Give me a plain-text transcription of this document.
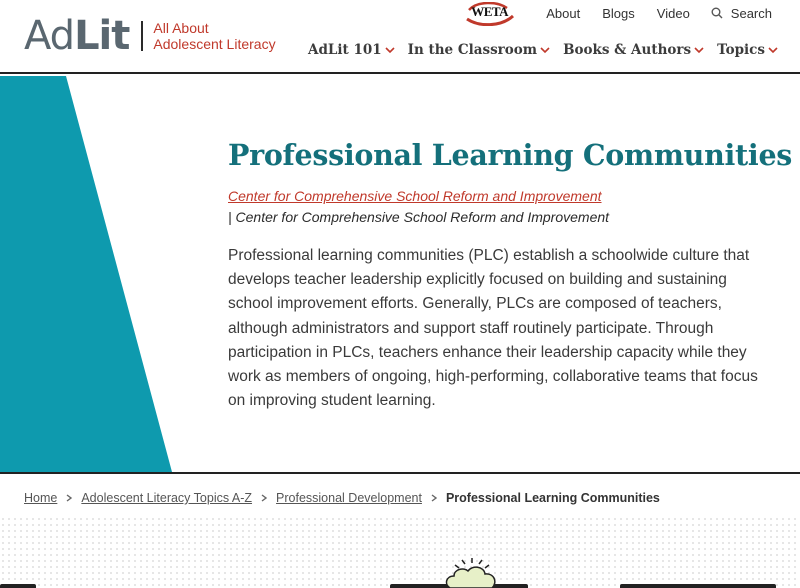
AdLit All About
Adolescent Literacy
WETA	About Blogs Video	Search
AdLit 101 In the Classroom Books & Authors Topics
Professional Learning Communities
Center for Comprehensive School Reform and Improvement
| Center for Comprehensive School Reform and Improvement

Professional learning communities (PLC) establish a schoolwide culture that develops teacher leadership explicitly focused on building and sustaining school improvement efforts. Generally, PLCs are composed of teachers, although administrators and support staff routinely participate. Through participation in PLCs, teachers enhance their leadership capacity while they work as members of ongoing, high-performing, collaborative teams that focus on improving student learning.

Home Adolescent Literacy Topics A-Z Professional Development Professional Learning Communities
